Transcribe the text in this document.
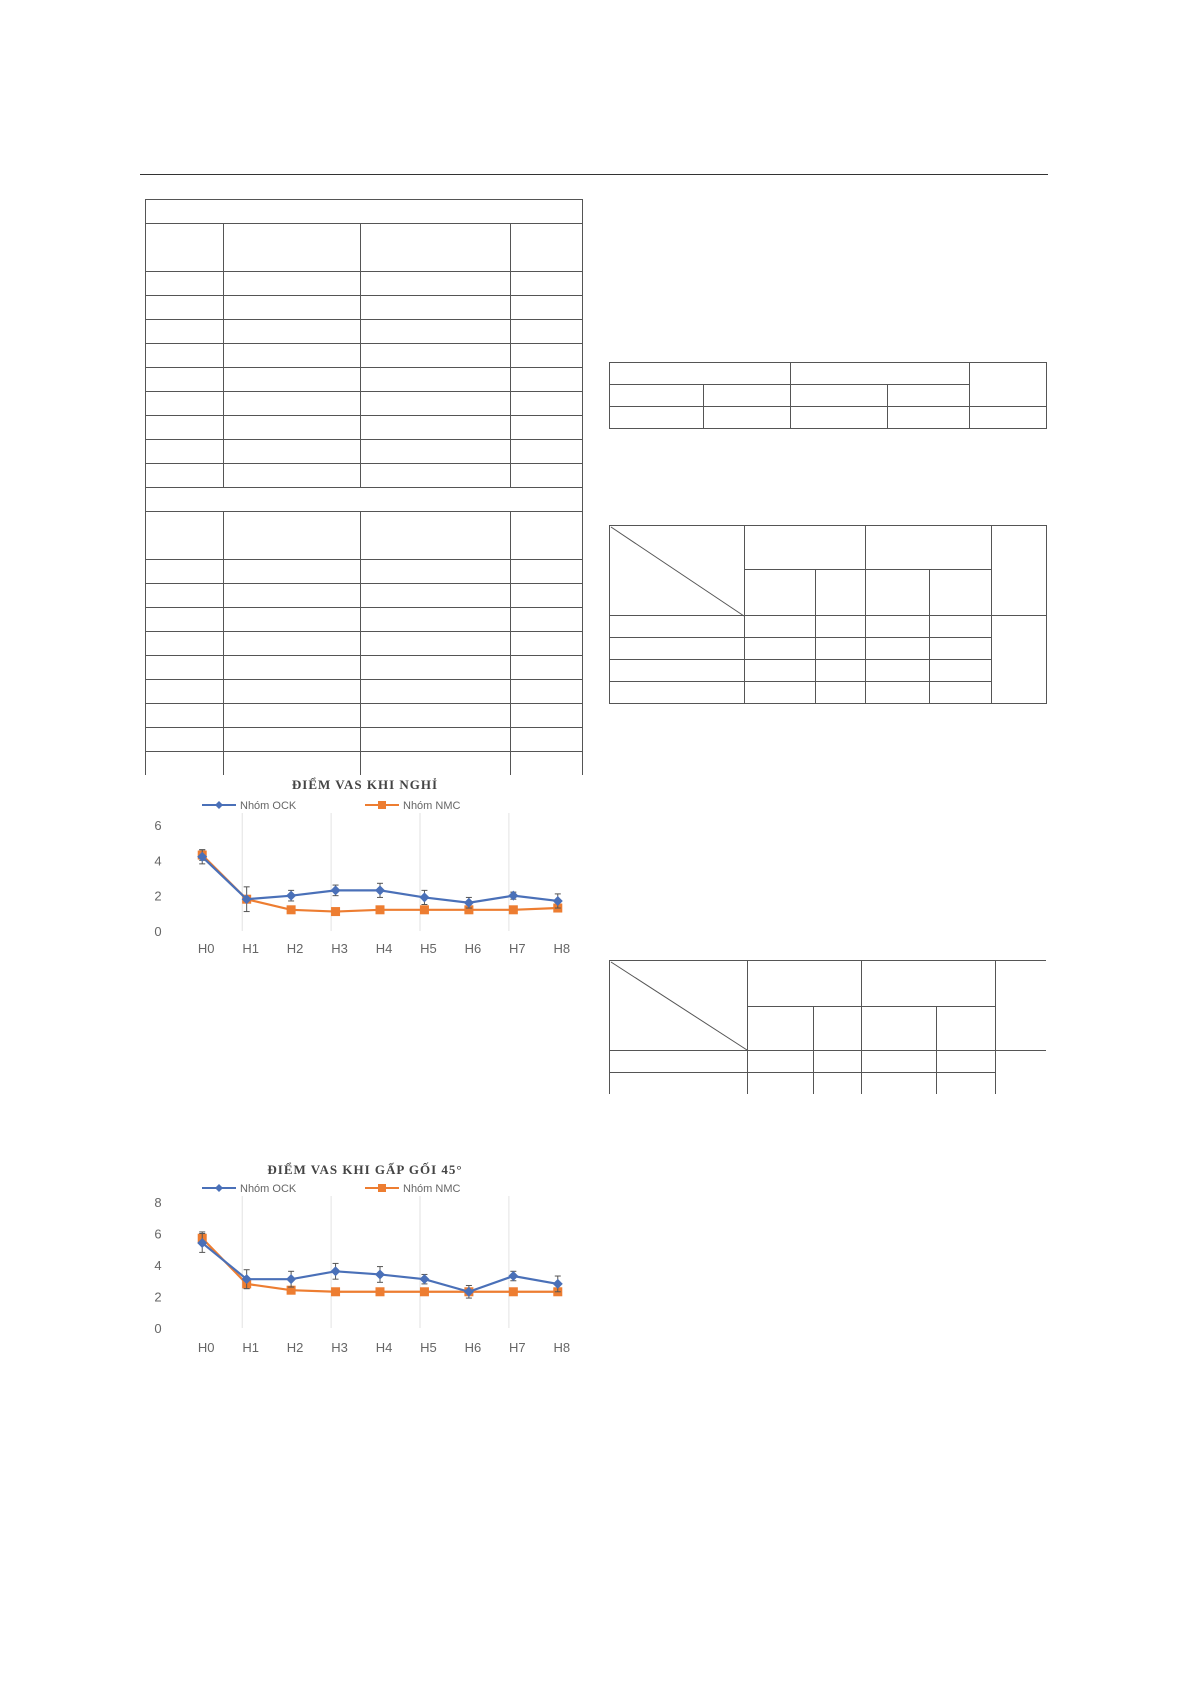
ĐIỂM VAS KHI NGHỈ
Nhóm OCK	Nhóm NMC
0
2
4
6
H0 H1 H2 H3 H4 H5 H6 H7 H8
ĐIỂM VAS KHI GẤP GỐI 45°
Nhóm OCK	Nhóm NMC
0
2
4
6
8
H0 H1 H2 H3 H4 H5 H6 H7 H8
